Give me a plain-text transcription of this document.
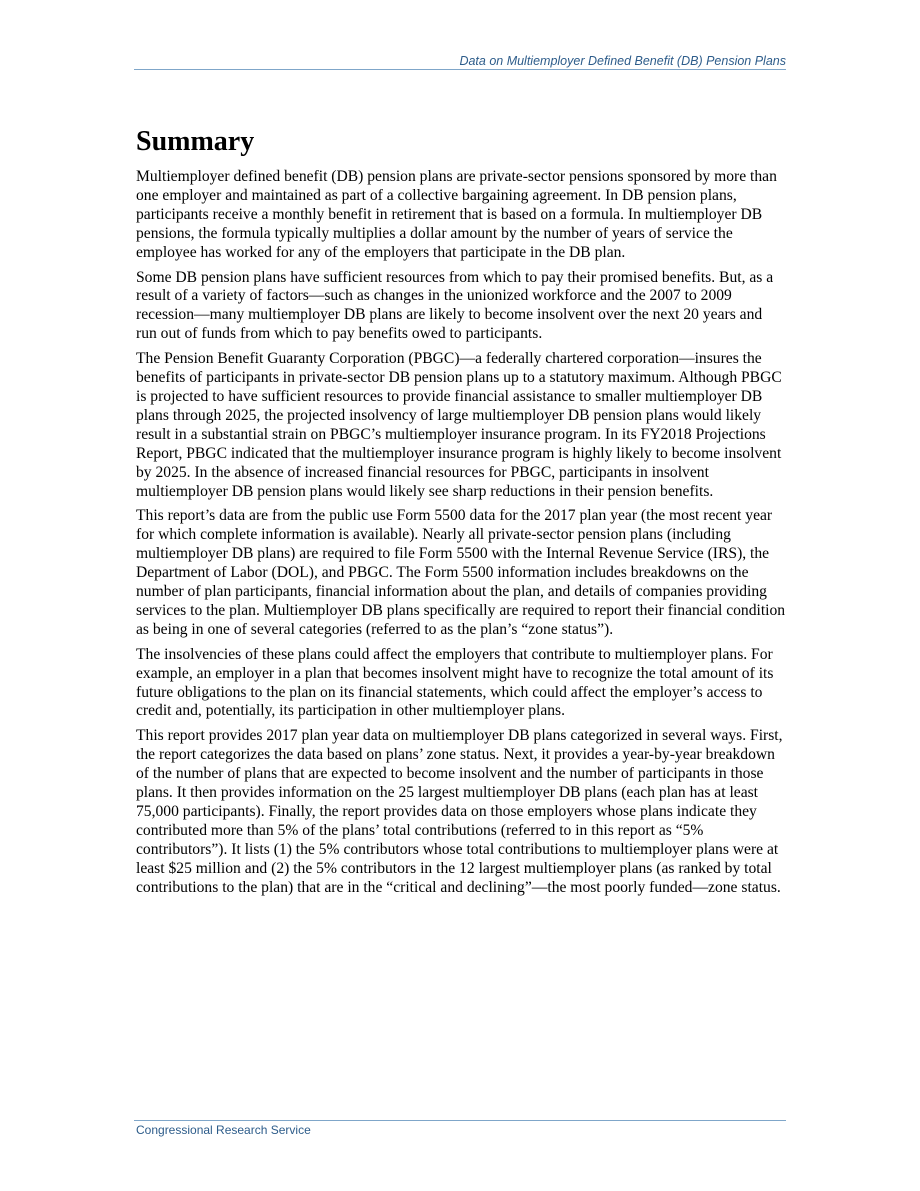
Data on Multiemployer Defined Benefit (DB) Pension Plans
Summary

Multiemployer defined benefit (DB) pension plans are private-sector pensions sponsored by more than one employer and maintained as part of a collective bargaining agreement. In DB pension plans, participants receive a monthly benefit in retirement that is based on a formula. In multiemployer DB pensions, the formula typically multiplies a dollar amount by the number of years of service the employee has worked for any of the employers that participate in the DB plan.

Some DB pension plans have sufficient resources from which to pay their promised benefits. But, as a result of a variety of factors—such as changes in the unionized workforce and the 2007 to 2009 recession—many multiemployer DB plans are likely to become insolvent over the next 20 years and run out of funds from which to pay benefits owed to participants.

The Pension Benefit Guaranty Corporation (PBGC)—a federally chartered corporation—insures the benefits of participants in private-sector DB pension plans up to a statutory maximum. Although PBGC is projected to have sufficient resources to provide financial assistance to smaller multiemployer DB plans through 2025, the projected insolvency of large multiemployer DB pension plans would likely result in a substantial strain on PBGC’s multiemployer insurance program. In its FY2018 Projections Report, PBGC indicated that the multiemployer insurance program is highly likely to become insolvent by 2025. In the absence of increased financial resources for PBGC, participants in insolvent multiemployer DB pension plans would likely see sharp reductions in their pension benefits.

This report’s data are from the public use Form 5500 data for the 2017 plan year (the most recent year for which complete information is available). Nearly all private-sector pension plans (including multiemployer DB plans) are required to file Form 5500 with the Internal Revenue Service (IRS), the Department of Labor (DOL), and PBGC. The Form 5500 information includes breakdowns on the number of plan participants, financial information about the plan, and details of companies providing services to the plan. Multiemployer DB plans specifically are required to report their financial condition as being in one of several categories (referred to as the plan’s “zone status”).

The insolvencies of these plans could affect the employers that contribute to multiemployer plans. For example, an employer in a plan that becomes insolvent might have to recognize the total amount of its future obligations to the plan on its financial statements, which could affect the employer’s access to credit and, potentially, its participation in other multiemployer plans.

This report provides 2017 plan year data on multiemployer DB plans categorized in several ways. First, the report categorizes the data based on plans’ zone status. Next, it provides a year-by-year breakdown of the number of plans that are expected to become insolvent and the number of participants in those plans. It then provides information on the 25 largest multiemployer DB plans (each plan has at least 75,000 participants). Finally, the report provides data on those employers whose plans indicate they contributed more than 5% of the plans’ total contributions (referred to in this report as “5% contributors”). It lists (1) the 5% contributors whose total contributions to multiemployer plans were at least $25 million and (2) the 5% contributors in the 12 largest multiemployer plans (as ranked by total contributions to the plan) that are in the “critical and declining”—the most poorly funded—zone status.

Congressional Research Service
